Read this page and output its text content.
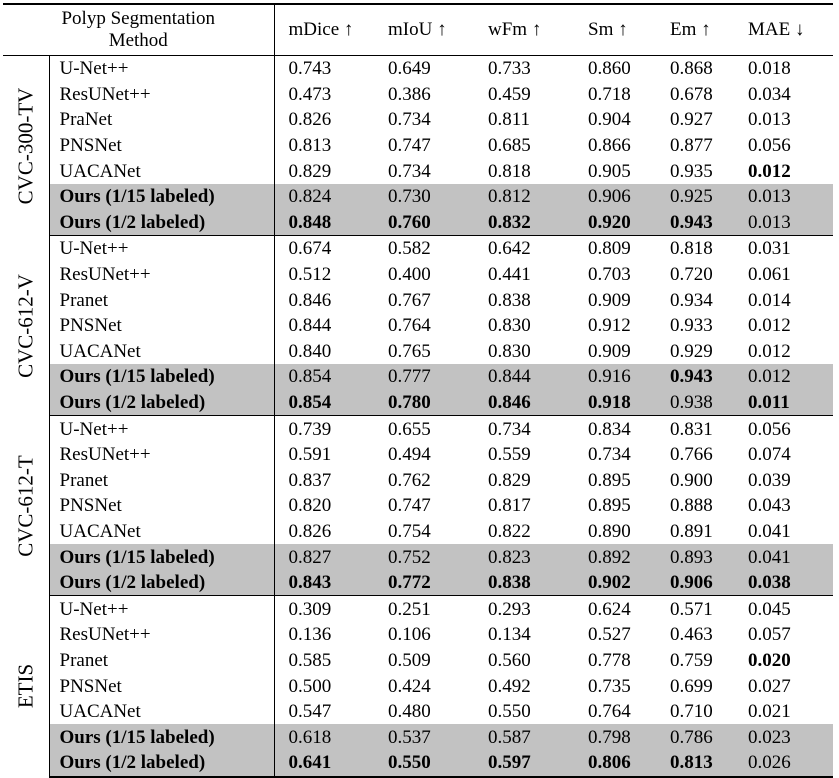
Polyp Segmentation
Method		mDice ↑	mIoU ↑	wFm ↑	Sm ↑	Em ↑	MAE ↓

CVC-300-TV	U-Net++	0.743	0.649	0.733	0.860	0.868	0.018
	ResUNet++	0.473	0.386	0.459	0.718	0.678	0.034
	PraNet	0.826	0.734	0.811	0.904	0.927	0.013
	PNSNet	0.813	0.747	0.685	0.866	0.877	0.056
	UACANet	0.829	0.734	0.818	0.905	0.935	0.012
	Ours (1/15 labeled)	0.824	0.730	0.812	0.906	0.925	0.013
	Ours (1/2 labeled)	0.848	0.760	0.832	0.920	0.943	0.013

CVC-612-V	U-Net++	0.674	0.582	0.642	0.809	0.818	0.031
	ResUNet++	0.512	0.400	0.441	0.703	0.720	0.061
	Pranet	0.846	0.767	0.838	0.909	0.934	0.014
	PNSNet	0.844	0.764	0.830	0.912	0.933	0.012
	UACANet	0.840	0.765	0.830	0.909	0.929	0.012
	Ours (1/15 labeled)	0.854	0.777	0.844	0.916	0.943	0.012
	Ours (1/2 labeled)	0.854	0.780	0.846	0.918	0.938	0.011

CVC-612-T	U-Net++	0.739	0.655	0.734	0.834	0.831	0.056
	ResUNet++	0.591	0.494	0.559	0.734	0.766	0.074
	Pranet	0.837	0.762	0.829	0.895	0.900	0.039
	PNSNet	0.820	0.747	0.817	0.895	0.888	0.043
	UACANet	0.826	0.754	0.822	0.890	0.891	0.041
	Ours (1/15 labeled)	0.827	0.752	0.823	0.892	0.893	0.041
	Ours (1/2 labeled)	0.843	0.772	0.838	0.902	0.906	0.038

ETIS	U-Net++	0.309	0.251	0.293	0.624	0.571	0.045
	ResUNet++	0.136	0.106	0.134	0.527	0.463	0.057
	Pranet	0.585	0.509	0.560	0.778	0.759	0.020
	PNSNet	0.500	0.424	0.492	0.735	0.699	0.027
	UACANet	0.547	0.480	0.550	0.764	0.710	0.021
	Ours (1/15 labeled)	0.618	0.537	0.587	0.798	0.786	0.023
	Ours (1/2 labeled)	0.641	0.550	0.597	0.806	0.813	0.026
